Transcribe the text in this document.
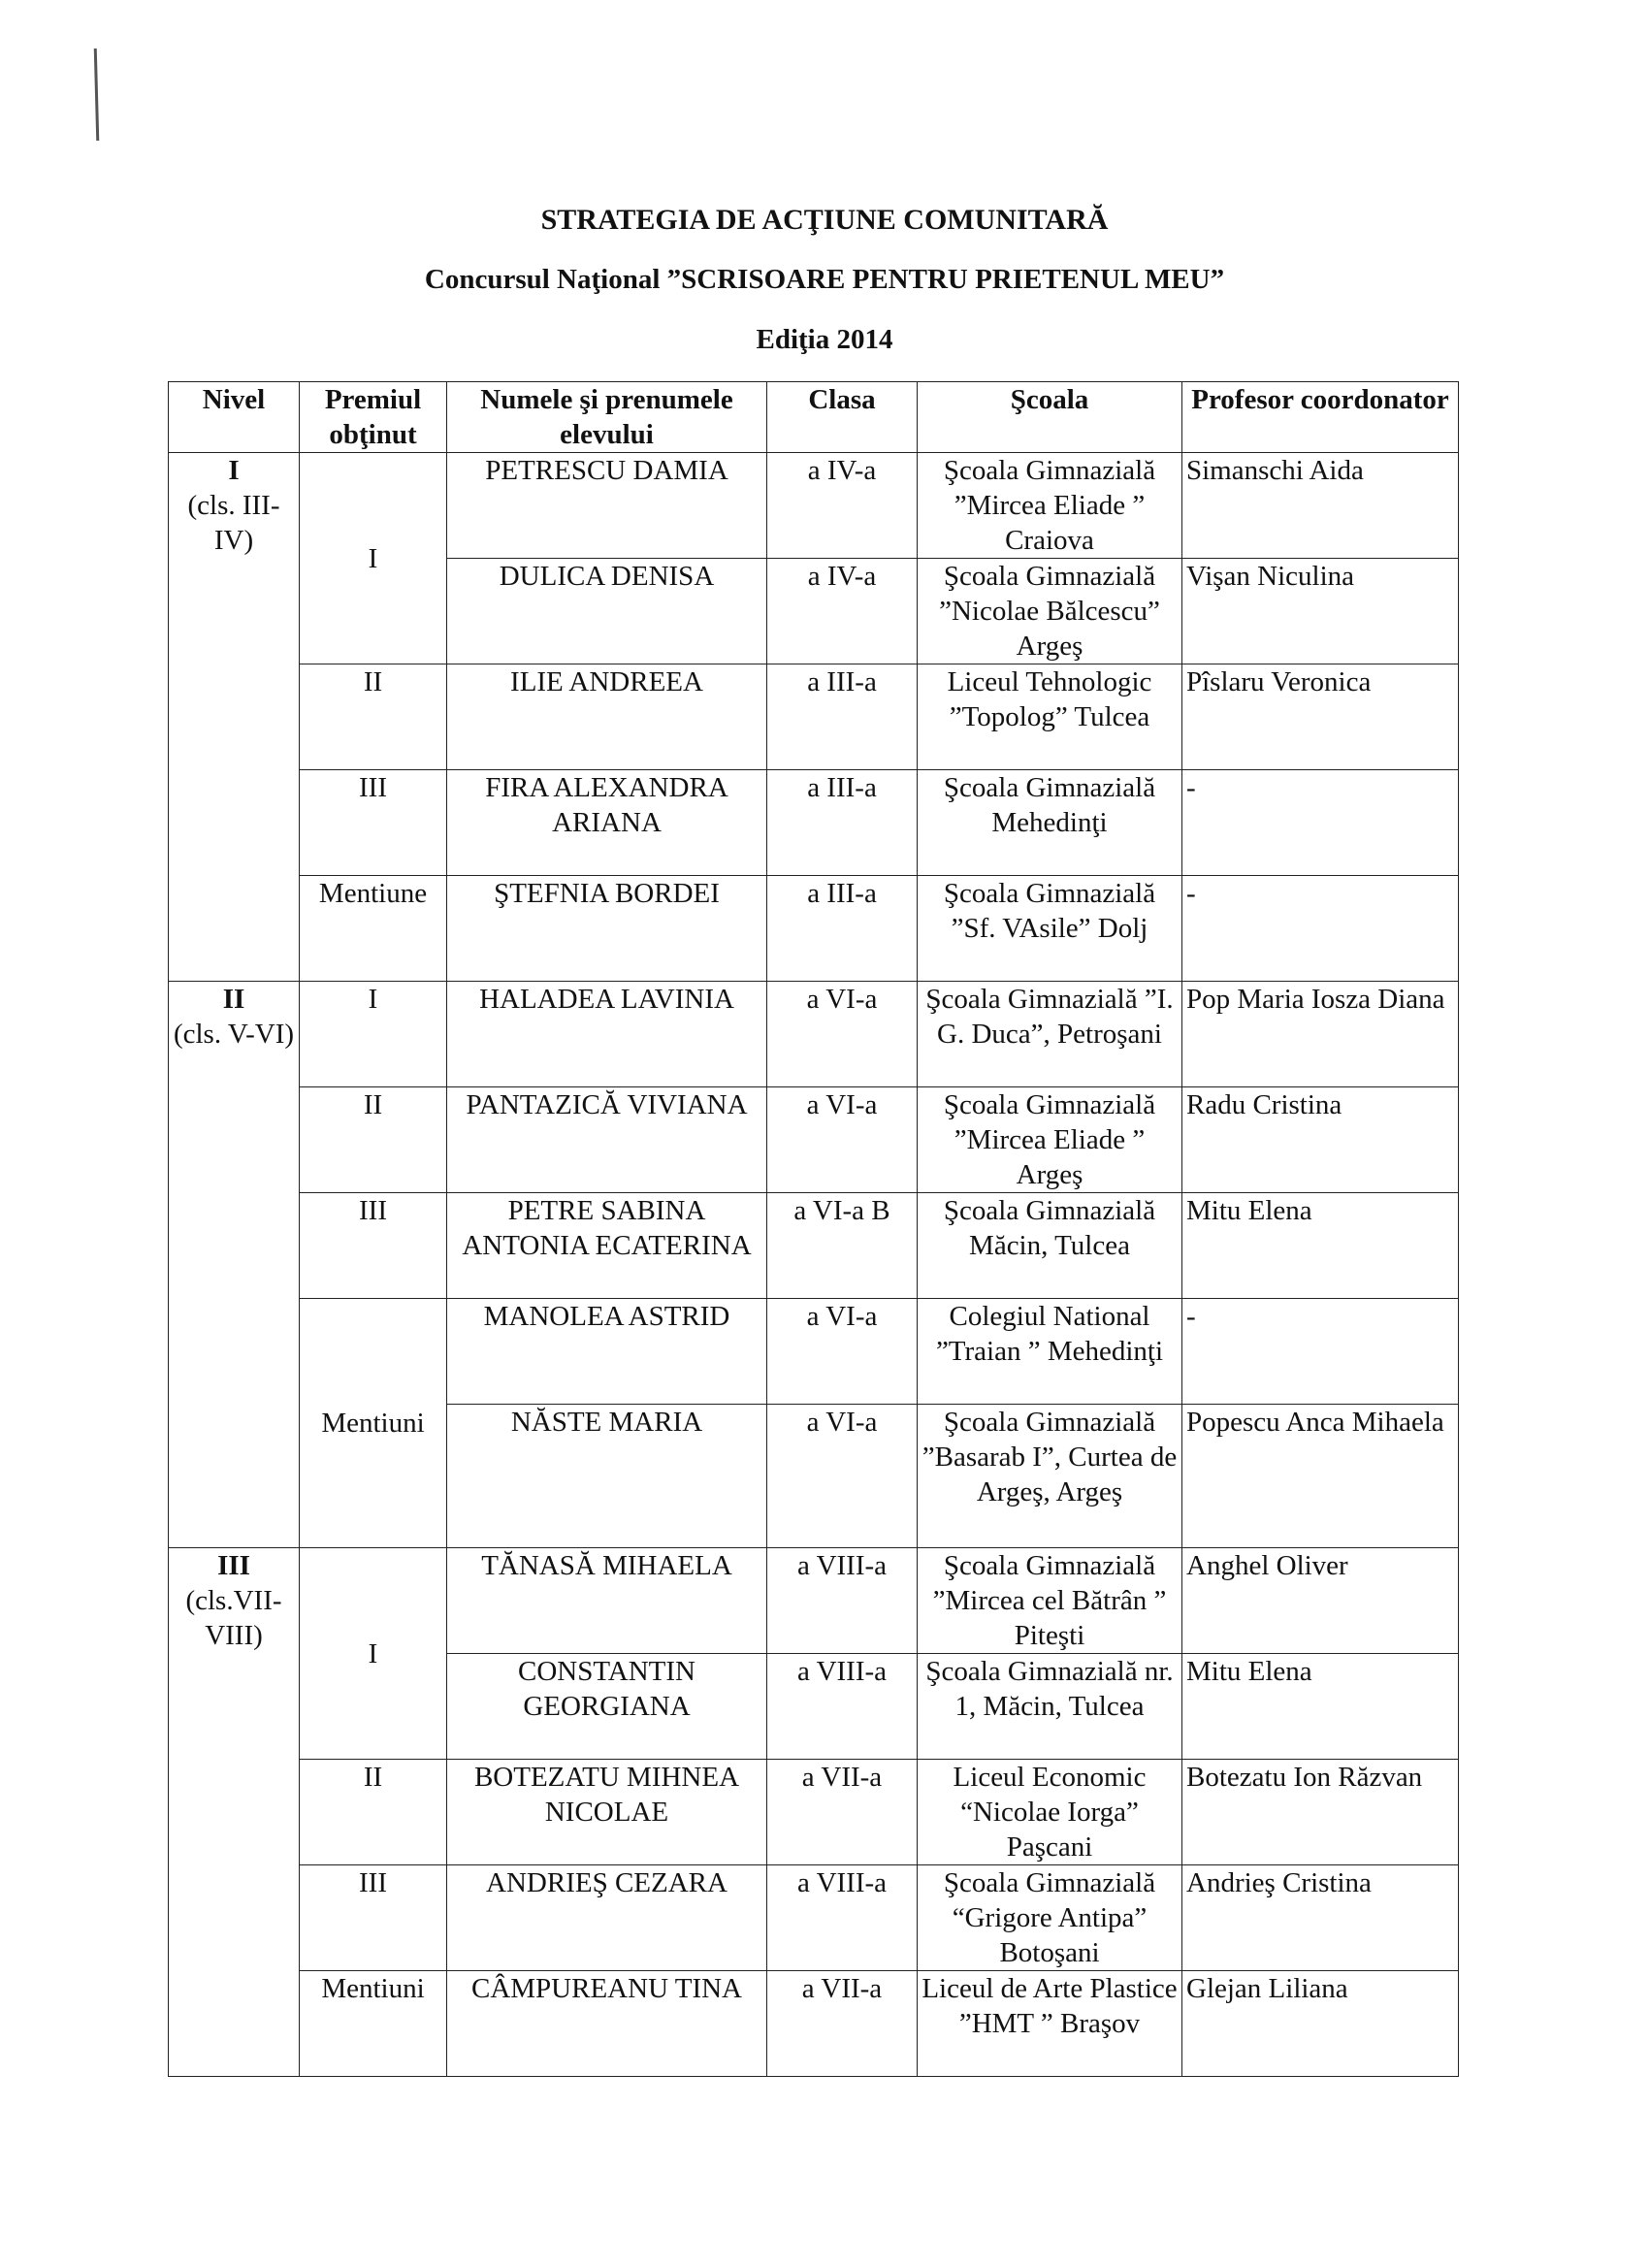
STRATEGIA DE ACŢIUNE COMUNITARĂ
Concursul Naţional ”SCRISOARE PENTRU PRIETENUL MEU”
Ediţia 2014
Nivel	Premiul obţinut	Numele şi prenumele elevului	Clasa	Şcoala	Profesor coordonator
I
(cls. III-IV)	I	PETRESCU DAMIA	a IV-a	Şcoala Gimnazială ”Mircea Eliade ” Craiova	Simanschi Aida
		DULICA DENISA	a IV-a	Şcoala Gimnazială ”Nicolae Bălcescu” Argeş	Vişan Niculina
	II	ILIE ANDREEA	a III-a	Liceul Tehnologic ”Topolog” Tulcea	Pîslaru Veronica
	III	FIRA ALEXANDRA ARIANA	a III-a	Şcoala Gimnazială Mehedinţi	-
	Mentiune	ŞTEFNIA BORDEI	a III-a	Şcoala Gimnazială ”Sf. VAsile” Dolj	-
II
(cls. V-VI)	I	HALADEA LAVINIA	a VI-a	Şcoala Gimnazială ”I. G. Duca”, Petroşani	Pop Maria Iosza Diana
	II	PANTAZICĂ VIVIANA	a VI-a	Şcoala Gimnazială ”Mircea Eliade ” Argeş	Radu Cristina
	III	PETRE SABINA ANTONIA ECATERINA	a VI-a B	Şcoala Gimnazială Măcin, Tulcea	Mitu Elena
	Mentiuni	MANOLEA ASTRID	a VI-a	Colegiul National ”Traian ” Mehedinţi	-
		NĂSTE MARIA	a VI-a	Şcoala Gimnazială ”Basarab I”, Curtea de Argeş, Argeş	Popescu Anca Mihaela
III
(cls.VII-VIII)	I	TĂNASĂ MIHAELA	a VIII-a	Şcoala Gimnazială ”Mircea cel Bătrân ” Piteşti	Anghel Oliver
		CONSTANTIN GEORGIANA	a VIII-a	Şcoala Gimnazială nr. 1, Măcin, Tulcea	Mitu Elena
	II	BOTEZATU MIHNEA NICOLAE	a VII-a	Liceul Economic “Nicolae Iorga” Paşcani	Botezatu Ion Răzvan
	III	ANDRIEŞ CEZARA	a VIII-a	Şcoala Gimnazială “Grigore Antipa” Botoşani	Andrieş Cristina
	Mentiuni	CÂMPUREANU TINA	a VII-a	Liceul de Arte Plastice ”HMT ” Braşov	Glejan Liliana
